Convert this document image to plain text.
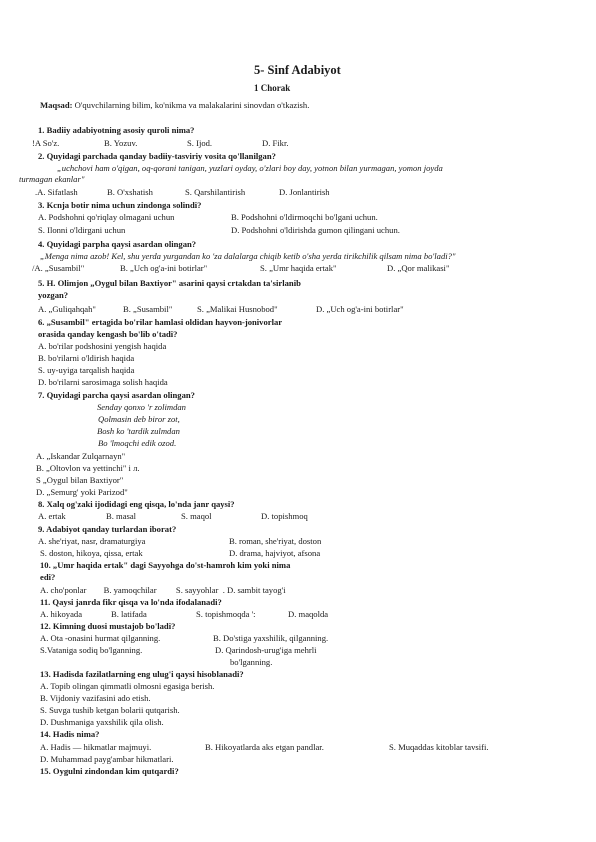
5- Sinf Adabiyot
1 Chorak
Maqsad: O'quvchilarning bilim, ko'nikma va malakalarini sinovdan o'tkazish.
1. Badiiy adabiyotning asosiy quroli nima?
!A So'z.	B. Yozuv.	S. Ijod.	D. Fikr.
2. Quyidagi parchada qanday badiiy-tasviriy vosita qo'llanilgan?
„uchchovi ham o'qigan, oq-qorani tanigan, yuzlari oyday, o'zlari boy day, yotnon bilan yurmagan, yomon joyda
turmagan ekanlar"
.A. Sifatlash	B. O'xshatish	S. Qarshilantirish	D. Jonlantirish
3. Kcnja botir nima uchun zindonga solindi?
A. Podshohni qo'riqlay olmagani uchun	B. Podshohni o'ldirmoqchi bo'lgani uchun.
S. Ilonni o'ldirgani uchun	D. Podshohni o'ldirishda gumon qilingani uchun.
4. Quyidagi parpha qaysi asardan olingan?
„Menga nima azob! Kel, shu yerda yurgandan ko 'za dalalarga chiqib ketib o'sha yerda tirikchilik qilsam nima bo'ladi?"
/A. „Susambil"	B. „Uch og'a-ini botirlar"	S. „Umr haqida ertak"	D. „Qor malikasi"
5. H. Olimjon „Oygul bilan Baxtiyor" asarini qaysi crtakdan ta'sirlanib
yozgan?
A. „Guliqahqah"	B. „Susambil"	S. „Malikai Husnobod"	D. „Uch og'a-ini botirlar"
6. „Susambil" ertagida bo'rilar hamlasi oldidan hayvon-jonivorlar
orasida qanday kengash bo'lib o'tadi?
A. bo'rilar podshosini yengish haqida
B. bo'rilarni o'ldirish haqida
S. uy-uyiga tarqalish haqida
D. bo'rilarni sarosimaga solish haqida
7. Quyidagi parcha qaysi asardan olingan?
Senday qonxo 'r zolimdan
Qolmasin deb biror zot,
Bosh ko 'tardik zulmdan
Bo 'lmoqchi edik ozod.
A. „Iskandar Zulqarnayn"
B. „Oltovlon va yettinchi" i л.
S „Oygul bilan Baxtiyor"
D. „Semurg' yoki Parizod"
8. Xalq og'zaki ijodidagi eng qisqa, lo'nda janr qaysi?
A. ertak	B. masal	S. maqol	D. topishmoq
9. Adabiyot qanday turlardan iborat?
A. she'riyat, nasr, dramaturgiya	B. roman, she'riyat, doston
S. doston, hikoya, qissa, ertak	D. drama, hajviyot, afsona
10. „Umr haqida ertak" dagi Sayyohga do'st-hamroh kim yoki nima
edi?
A. cho'ponlar        B. yamoqchilar         S. sayyohlar  . D. sambit tayog'i
11. Qaysi janrda fikr qisqa va lo'nda ifodalanadi?
A. hikoyada	B. latifada	S. topishmoqda ':	D. maqolda
12. Kimning duosi mustajob bo'ladi?
A. Ota -onasini hurmat qilganning.	B. Do'stiga yaxshilik, qilganning.
S.Vataniga sodiq bo'lganning.	D. Qarindosh-urug'iga mehrli
bo'lganning.
13. Hadisda fazilatlarning eng ulug'i qaysi hisoblanadi?
A. Topib olingan qimmatli olmosni egasiga berish.
B. Vijdoniy vazifasini ado etish.
S. Suvga tushib ketgan bolarii qutqarish.
D. Dushmaniga yaxshilik qila olish.
14. Hadis nima?
A. Hadis — hikmatlar majmuyi.	B. Hikoyatlarda aks etgan pandlar.	S. Muqaddas kitoblar tavsifi.
D. Muhammad payg'ambar hikmatlari.
15. Oygulni zindondan kim qutqardi?
